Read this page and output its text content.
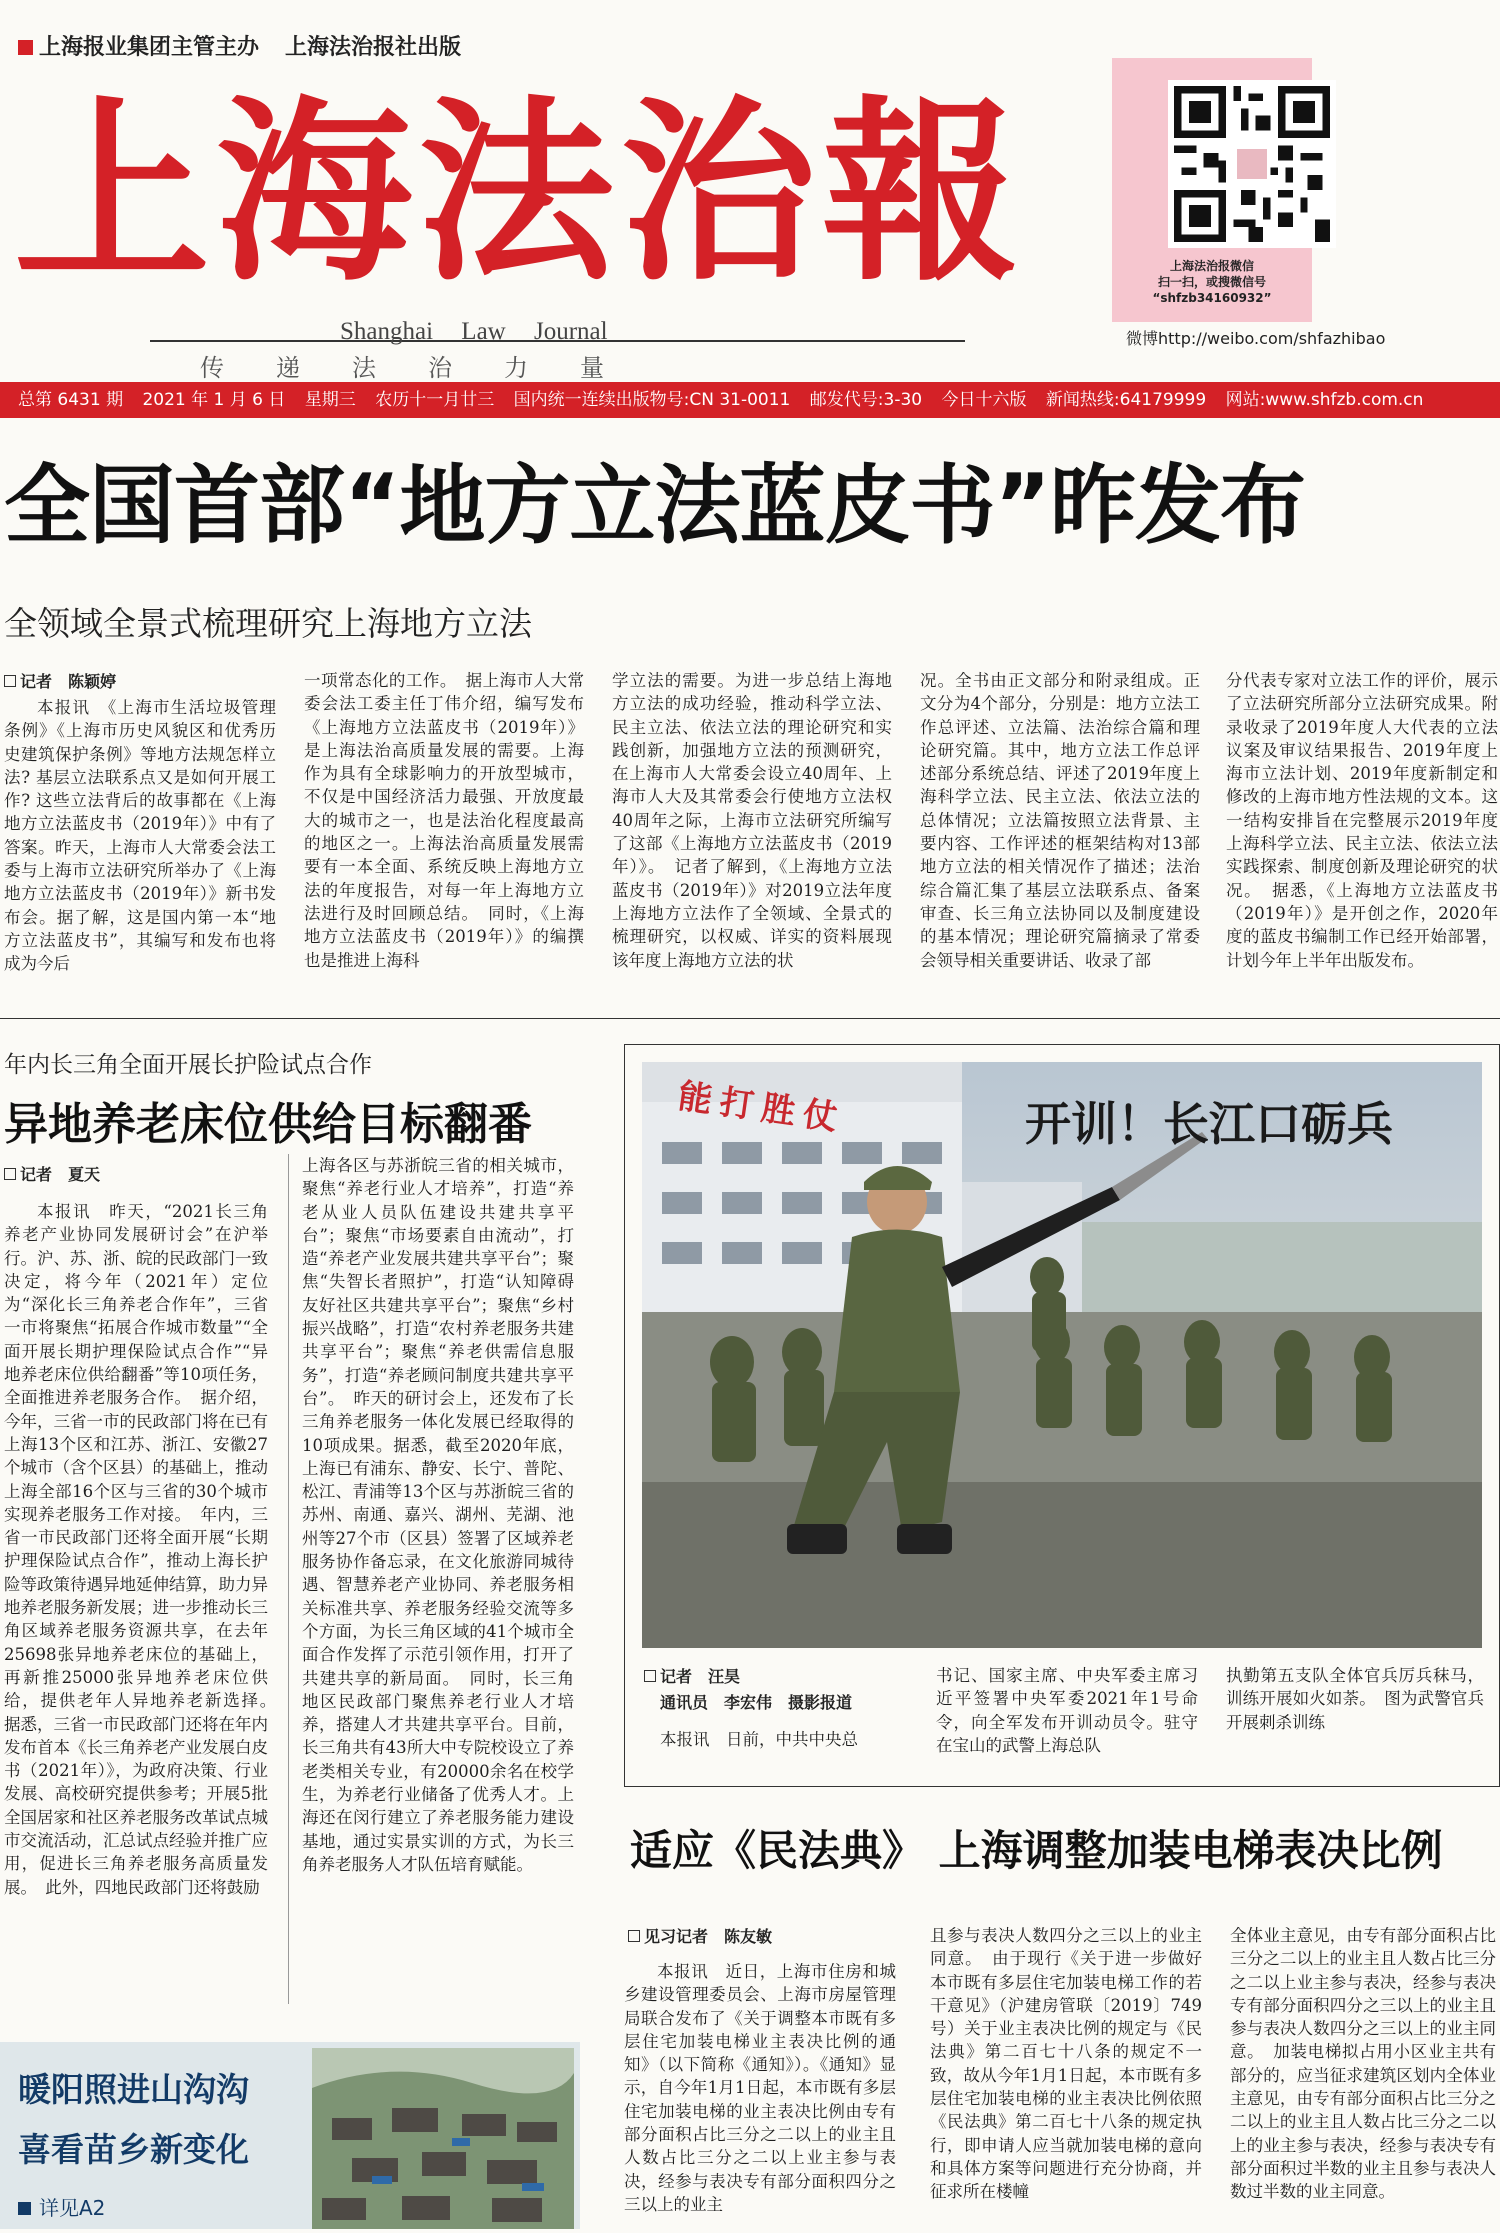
上海报业集团主管主办 上海法治报社出版
上海法治報
Shanghai Law Journal
传递法治力量
上海法治报微信
扫一扫，或搜微信号
“shfzb34160932”
微博http://weibo.com/shfazhibao
总第 6431 期 2021 年 1 月 6 日 星期三 农历十一月廿三 国内统一连续出版物号:CN 31-0011 邮发代号:3-30 今日十六版 新闻热线:64179999 网站:www.shfzb.com.cn
全国首部“地方立法蓝皮书”昨发布
全领域全景式梳理研究上海地方立法
记者　陈颖婷
本报讯　《上海市生活垃圾管理条例》《上海市历史风貌区和优秀历史建筑保护条例》等地方法规怎样立法? 基层立法联系点又是如何开展工作? 这些立法背后的故事都在《上海地方立法蓝皮书（2019年）》中有了答案。昨天，上海市人大常委会法工委与上海市立法研究所举办了《上海地方立法蓝皮书（2019年）》新书发布会。据了解，这是国内第一本“地方立法蓝皮书”，其编写和发布也将成为今后
一项常态化的工作。　据上海市人大常委会法工委主任丁伟介绍，编写发布《上海地方立法蓝皮书（2019年）》是上海法治高质量发展的需要。上海作为具有全球影响力的开放型城市，不仅是中国经济活力最强、开放度最大的城市之一，也是法治化程度最高的地区之一。上海法治高质量发展需要有一本全面、系统反映上海地方立法的年度报告，对每一年上海地方立法进行及时回顾总结。　同时，《上海地方立法蓝皮书（2019年）》的编撰也是推进上海科
学立法的需要。为进一步总结上海地方立法的成功经验，推动科学立法、民主立法、依法立法的理论研究和实践创新，加强地方立法的预测研究，在上海市人大常委会设立40周年、上海市人大及其常委会行使地方立法权40周年之际，上海市立法研究所编写了这部《上海地方立法蓝皮书（2019年）》。　记者了解到，《上海地方立法蓝皮书（2019年）》对2019立法年度上海地方立法作了全领域、全景式的梳理研究，以权威、详实的资料展现该年度上海地方立法的状
况。全书由正文部分和附录组成。正文分为4个部分，分别是：地方立法工作总评述、立法篇、法治综合篇和理论研究篇。其中，地方立法工作总评述部分系统总结、评述了2019年度上海科学立法、民主立法、依法立法的总体情况；立法篇按照立法背景、主要内容、工作评述的框架结构对13部地方立法的相关情况作了描述；法治综合篇汇集了基层立法联系点、备案审查、长三角立法协同以及制度建设的基本情况；理论研究篇摘录了常委会领导相关重要讲话、收录了部
分代表专家对立法工作的评价，展示了立法研究所部分立法研究成果。附录收录了2019年度人大代表的立法议案及审议结果报告、2019年度上海市立法计划、2019年度新制定和修改的上海市地方性法规的文本。这一结构安排旨在完整展示2019年度上海科学立法、民主立法、依法立法实践探索、制度创新及理论研究的状况。　据悉，《上海地方立法蓝皮书（2019年）》是开创之作，2020年度的蓝皮书编制工作已经开始部署，计划今年上半年出版发布。
年内长三角全面开展长护险试点合作
异地养老床位供给目标翻番
记者　夏天
本报讯　昨天，“2021长三角养老产业协同发展研讨会”在沪举行。沪、苏、浙、皖的民政部门一致决定，将今年（2021年）定位为“深化长三角养老合作年”，三省一市将聚焦“拓展合作城市数量”“全面开展长期护理保险试点合作”“异地养老床位供给翻番”等10项任务，全面推进养老服务合作。　据介绍，今年，三省一市的民政部门将在已有上海13个区和江苏、浙江、安徽27个城市（含个区县）的基础上，推动上海全部16个区与三省的30个城市实现养老服务工作对接。　年内，三省一市民政部门还将全面开展“长期护理保险试点合作”，推动上海长护险等政策待遇异地延伸结算，助力异地养老服务新发展；进一步推动长三角区域养老服务资源共享，在去年25698张异地养老床位的基础上，再新推25000张异地养老床位供给，提供老年人异地养老新选择。　据悉，三省一市民政部门还将在年内发布首本《长三角养老产业发展白皮书（2021年）》，为政府决策、行业发展、高校研究提供参考；开展5批全国居家和社区养老服务改革试点城市交流活动，汇总试点经验并推广应用，促进长三角养老服务高质量发展。　此外，四地民政部门还将鼓励
上海各区与苏浙皖三省的相关城市，聚焦“养老行业人才培养”，打造“养老从业人员队伍建设共建共享平台”；聚焦“市场要素自由流动”，打造“养老产业发展共建共享平台”；聚焦“失智长者照护”，打造“认知障碍友好社区共建共享平台”；聚焦“乡村振兴战略”，打造“农村养老服务共建共享平台”；聚焦“养老供需信息服务”，打造“养老顾问制度共建共享平台”。　昨天的研讨会上，还发布了长三角养老服务一体化发展已经取得的10项成果。据悉，截至2020年底，上海已有浦东、静安、长宁、普陀、松江、青浦等13个区与苏浙皖三省的苏州、南通、嘉兴、湖州、芜湖、池州等27个市（区县）签署了区域养老服务协作备忘录，在文化旅游同城待遇、智慧养老产业协同、养老服务相关标准共享、养老服务经验交流等多个方面，为长三角区域的41个城市全面合作发挥了示范引领作用，打开了共建共享的新局面。　同时，长三角地区民政部门聚焦养老行业人才培养，搭建人才共建共享平台。目前，长三角共有43所大中专院校设立了养老类相关专业，有20000余名在校学生，为养老行业储备了优秀人才。上海还在闵行建立了养老服务能力建设基地，通过实景实训的方式，为长三角养老服务人才队伍培育赋能。
能打胜仗	开训！长江口砺兵
记者　汪昊
通讯员　李宏伟　摄影报道
本报讯　日前，中共中央总
书记、国家主席、中央军委主席习近平签署中央军委2021年1号命令，向全军发布开训动员令。驻守在宝山的武警上海总队
执勤第五支队全体官兵厉兵秣马，训练开展如火如荼。　图为武警官兵开展刺杀训练
适应《民法典》 上海调整加装电梯表决比例
见习记者　陈友敏
本报讯　近日，上海市住房和城乡建设管理委员会、上海市房屋管理局联合发布了《关于调整本市既有多层住宅加装电梯业主表决比例的通知》（以下简称《通知》）。《通知》显示，自今年1月1日起，本市既有多层住宅加装电梯的业主表决比例由专有部分面积占比三分之二以上的业主且人数占比三分之二以上业主参与表决，经参与表决专有部分面积四分之三以上的业主
且参与表决人数四分之三以上的业主同意。　由于现行《关于进一步做好本市既有多层住宅加装电梯工作的若干意见》（沪建房管联〔2019〕749号）关于业主表决比例的规定与《民法典》第二百七十八条的规定不一致，故从今年1月1日起，本市既有多层住宅加装电梯的业主表决比例依照《民法典》第二百七十八条的规定执行，即申请人应当就加装电梯的意向和具体方案等问题进行充分协商，并征求所在楼幢
全体业主意见，由专有部分面积占比三分之二以上的业主且人数占比三分之二以上业主参与表决，经参与表决专有部分面积四分之三以上的业主且参与表决人数四分之三以上的业主同意。　加装电梯拟占用小区业主共有部分的，应当征求建筑区划内全体业主意见，由专有部分面积占比三分之二以上的业主且人数占比三分之二以上的业主参与表决，经参与表决专有部分面积过半数的业主且参与表决人数过半数的业主同意。
暖阳照进山沟沟
喜看苗乡新变化
详见A2
